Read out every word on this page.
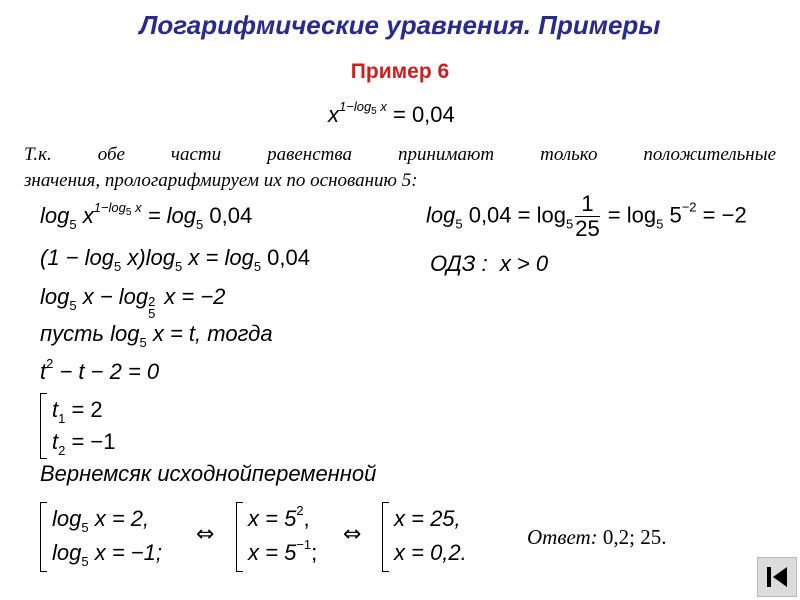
Логарифмические уравнения. Примеры
Пример 6
$x^{1-log_5 x} = 0,04$
Т.к. обе части равенства принимают только положительные
значения, прологарифмируем их по основанию 5:
$\log_5 x^{1-log_5 x} = \log_5 0,04$	$\log_5 0,04 = \log_5 \frac{1}{25} = \log_5 5^{-2} = -2$
ОДЗ : x > 0
$(1 - \log_5 x)\log_5$ $x = \log_5 0,04$
$\log_5 x - \log 2$
5
x = −2
пусть $\log_5 x = t$, тогда
$t^2 - t - 2 = 0$
$t_1 = 2$
$t_2 = -1$
Вернемсяк исходнойпеременной
$\log_5 x = 2$,
$\log_5 x = -1$;
⇔
$x = 5^2$,
$x = 5^{-1}$;
⇔
x = 25,
x = 0,2.
Ответ: 0,2; 25.
